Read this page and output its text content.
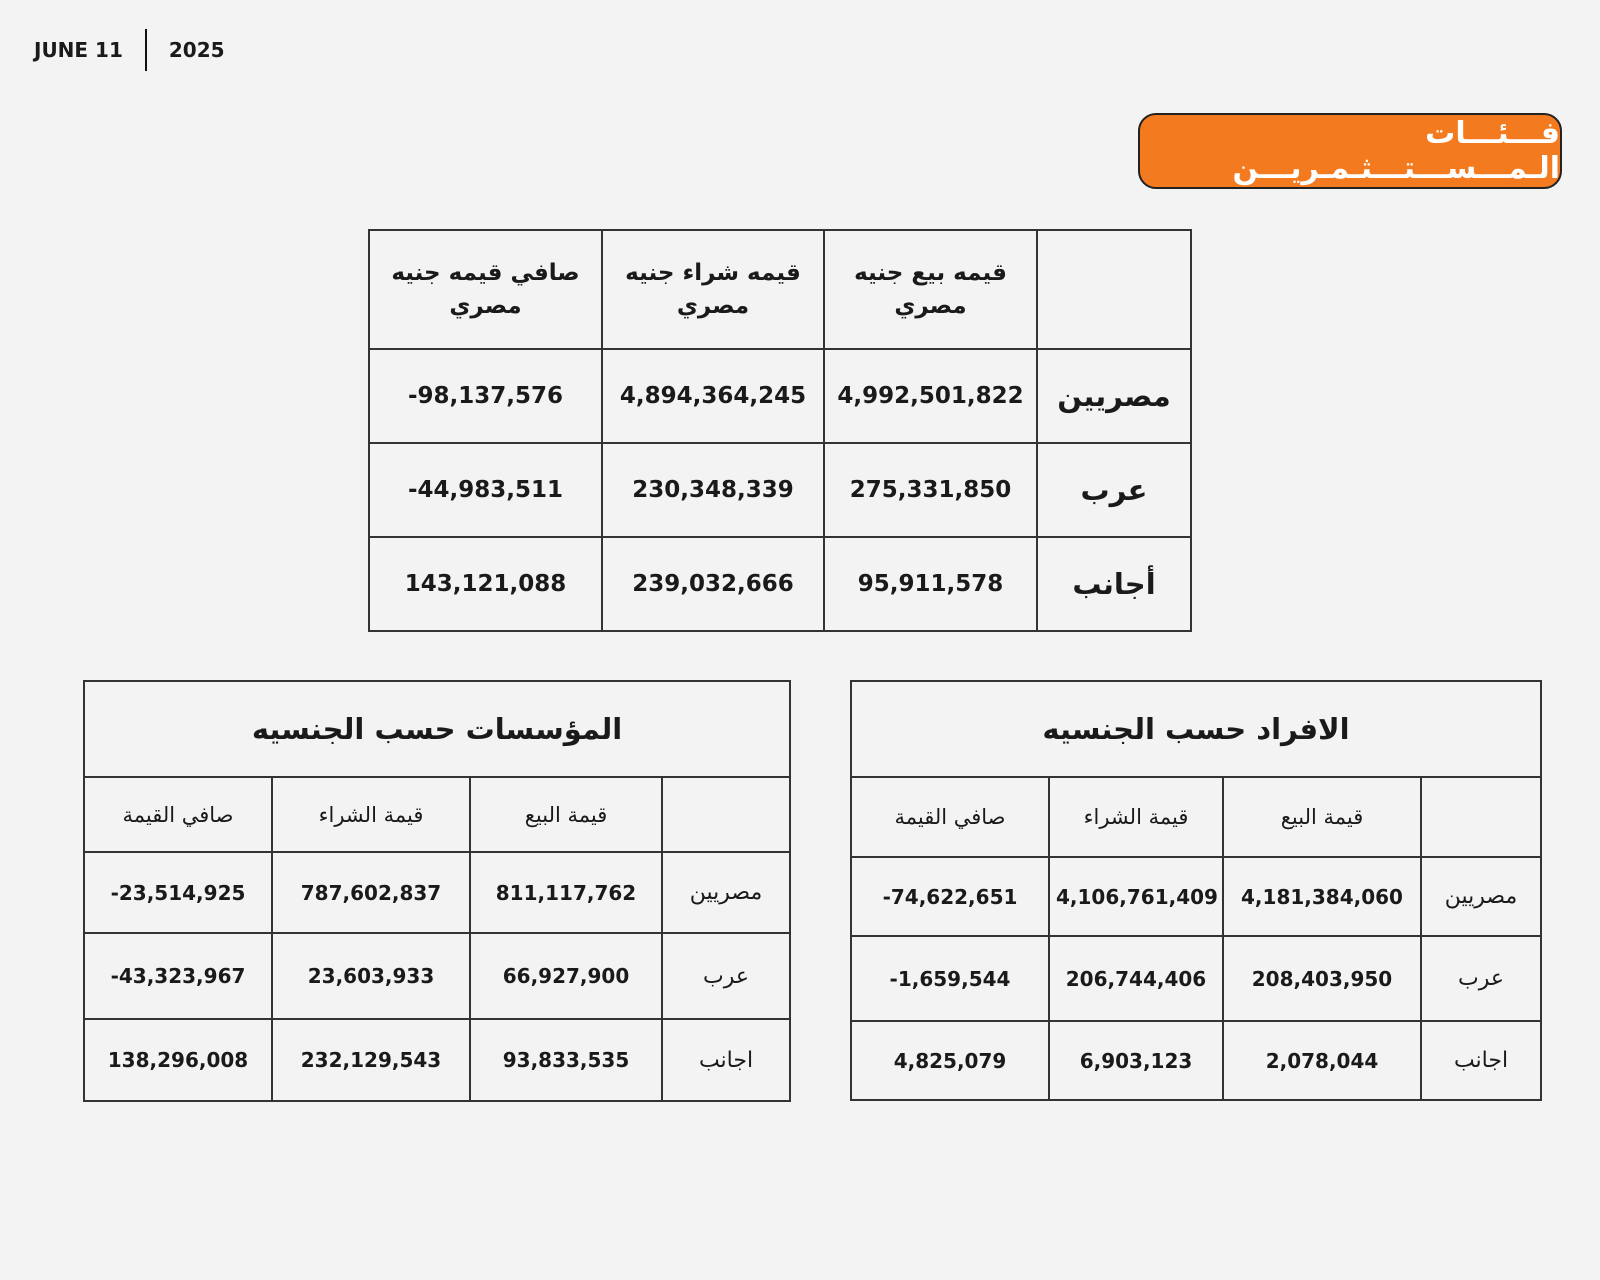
JUNE 11 2025
فـــئـــات الـمـــســـتـــثـمـريـــن
صافي قيمه جنيه مصري	قيمه شراء جنيه مصري	قيمه بيع جنيه مصري	
-98,137,576	4,894,364,245	4,992,501,822	مصريين
-44,983,511	230,348,339	275,331,850	عرب
143,121,088	239,032,666	95,911,578	أجانب
المؤسسات حسب الجنسيه			
صافي القيمة	قيمة الشراء	قيمة البيع	
-23,514,925	787,602,837	811,117,762	مصريين
-43,323,967	23,603,933	66,927,900	عرب
138,296,008	232,129,543	93,833,535	اجانب
الافراد حسب الجنسيه			
صافي القيمة	قيمة الشراء	قيمة البيع	
-74,622,651	4,106,761,409	4,181,384,060	مصريين
-1,659,544	206,744,406	208,403,950	عرب
4,825,079	6,903,123	2,078,044	اجانب
